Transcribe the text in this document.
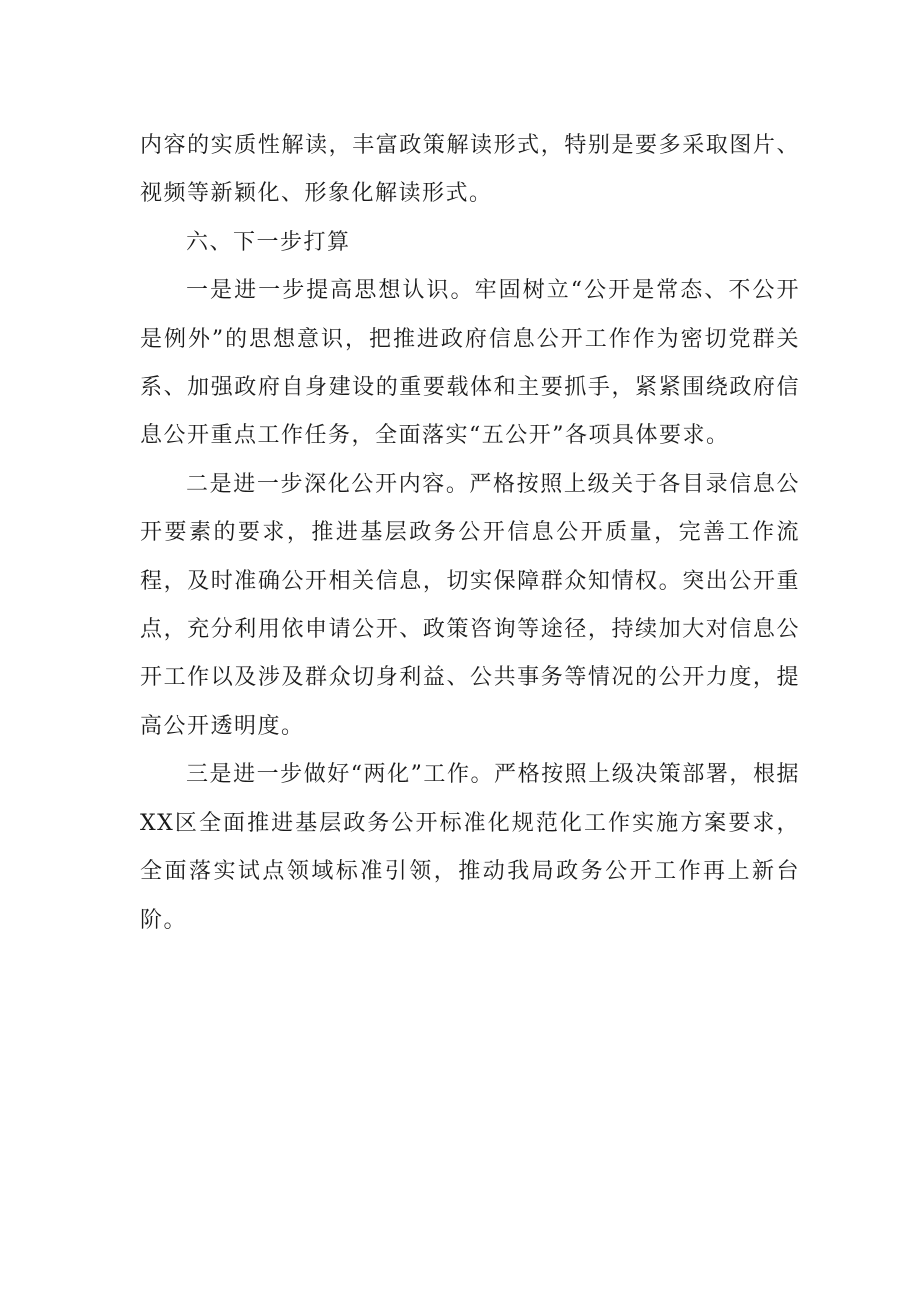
内容的实质性解读，丰富政策解读形式，特别是要多采取图片、视频等新颖化、形象化解读形式。

六、下一步打算

一是进一步提高思想认识。牢固树立“公开是常态、不公开是例外”的思想意识，把推进政府信息公开工作作为密切党群关系、加强政府自身建设的重要载体和主要抓手，紧紧围绕政府信息公开重点工作任务，全面落实“五公开”各项具体要求。

二是进一步深化公开内容。严格按照上级关于各目录信息公开要素的要求，推进基层政务公开信息公开质量，完善工作流程，及时准确公开相关信息，切实保障群众知情权。突出公开重点，充分利用依申请公开、政策咨询等途径，持续加大对信息公开工作以及涉及群众切身利益、公共事务等情况的公开力度，提高公开透明度。

三是进一步做好“两化”工作。严格按照上级决策部署，根据XX区全面推进基层政务公开标准化规范化工作实施方案要求，全面落实试点领域标准引领，推动我局政务公开工作再上新台阶。
